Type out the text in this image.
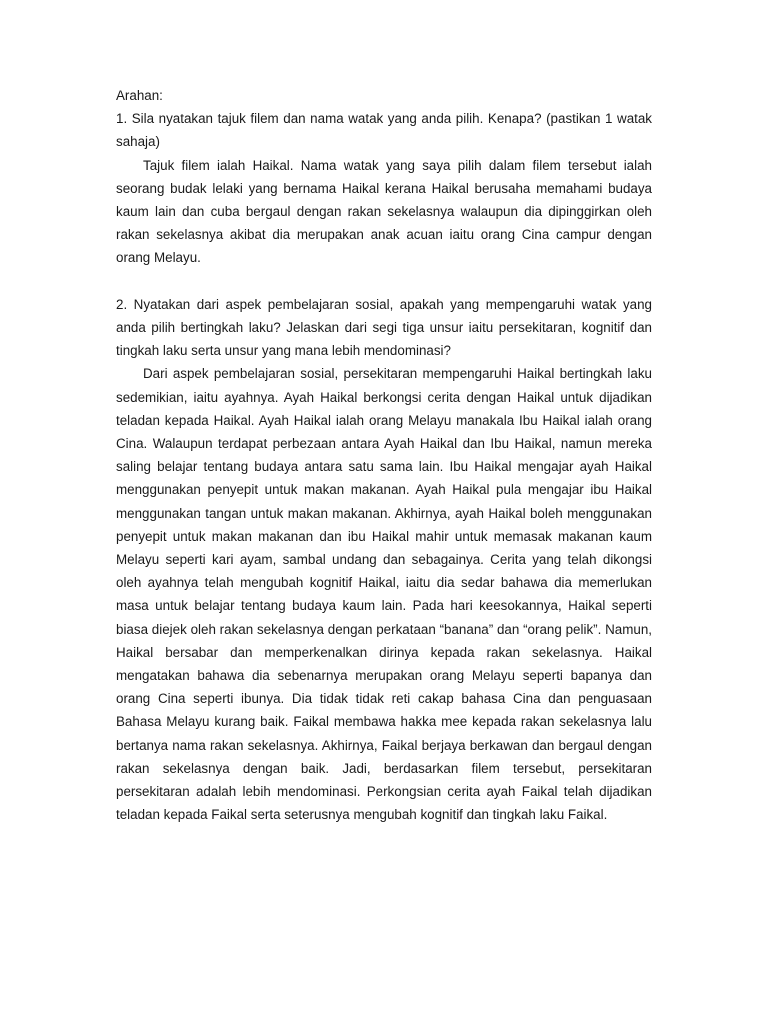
Arahan:

1. Sila nyatakan tajuk filem dan nama watak yang anda pilih. Kenapa? (pastikan 1 watak sahaja)

Tajuk filem ialah Haikal. Nama watak yang saya pilih dalam filem tersebut ialah seorang budak lelaki yang bernama Haikal kerana Haikal berusaha memahami budaya kaum lain dan cuba bergaul dengan rakan sekelasnya walaupun dia dipinggirkan oleh rakan sekelasnya akibat dia merupakan anak acuan iaitu orang Cina campur dengan orang Melayu.

2. Nyatakan dari aspek pembelajaran sosial, apakah yang mempengaruhi watak yang anda pilih bertingkah laku? Jelaskan dari segi tiga unsur iaitu persekitaran, kognitif dan tingkah laku serta unsur yang mana lebih mendominasi?

Dari aspek pembelajaran sosial, persekitaran mempengaruhi Haikal bertingkah laku sedemikian, iaitu ayahnya. Ayah Haikal berkongsi cerita dengan Haikal untuk dijadikan teladan kepada Haikal. Ayah Haikal ialah orang Melayu manakala Ibu Haikal ialah orang Cina. Walaupun terdapat perbezaan antara Ayah Haikal dan Ibu Haikal, namun mereka saling belajar tentang budaya antara satu sama lain. Ibu Haikal mengajar ayah Haikal menggunakan penyepit untuk makan makanan. Ayah Haikal pula mengajar ibu Haikal menggunakan tangan untuk makan makanan. Akhirnya, ayah Haikal boleh menggunakan penyepit untuk makan makanan dan ibu Haikal mahir untuk memasak makanan kaum Melayu seperti kari ayam, sambal undang dan sebagainya. Cerita yang telah dikongsi oleh ayahnya telah mengubah kognitif Haikal, iaitu dia sedar bahawa dia memerlukan masa untuk belajar tentang budaya kaum lain. Pada hari keesokannya, Haikal seperti biasa diejek oleh rakan sekelasnya dengan perkataan “banana” dan “orang pelik”. Namun, Haikal bersabar dan memperkenalkan dirinya kepada rakan sekelasnya. Haikal mengatakan bahawa dia sebenarnya merupakan orang Melayu seperti bapanya dan orang Cina seperti ibunya. Dia tidak tidak reti cakap bahasa Cina dan penguasaan Bahasa Melayu kurang baik. Faikal membawa hakka mee kepada rakan sekelasnya lalu bertanya nama rakan sekelasnya. Akhirnya, Faikal berjaya berkawan dan bergaul dengan rakan sekelasnya dengan baik. Jadi, berdasarkan filem tersebut, persekitaran persekitaran adalah lebih mendominasi. Perkongsian cerita ayah Faikal telah dijadikan teladan kepada Faikal serta seterusnya mengubah kognitif dan tingkah laku Faikal.
